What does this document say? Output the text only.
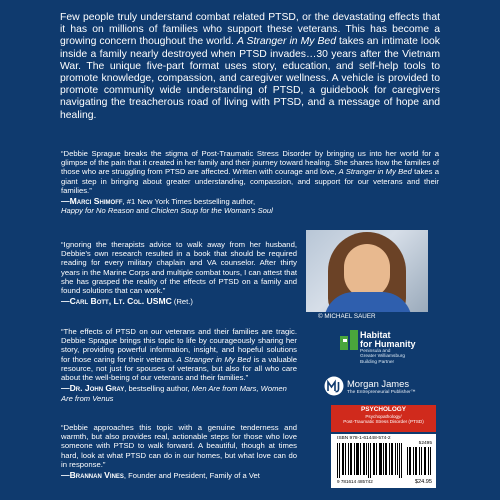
Few people truly understand combat related PTSD, or the devastating effects that it has on millions of families who support these veterans. This has become a growing concern thoughout the world. A Stranger in My Bed takes an intimate look inside a family nearly destroyed when PTSD invades…30 years after the Vietnam War. The unique five-part format uses story, education, and self-help tools to promote knowledge, compassion, and caregiver wellness. A vehicle is provided to promote community wide understanding of PTSD, a guidebook for caregivers navigating the treacherous road of living with PTSD, and a message of hope and healing.
“Debbie Sprague breaks the stigma of Post-Traumatic Stress Disorder by bringing us into her world for a glimpse of the pain that it created in her family and their journey toward healing. She shares how the families of those who are struggling from PTSD are affected. Written with courage and love, A Stranger in My Bed takes a giant step in bringing about greater understanding, compassion, and support for our veterans and their families.”
—Marci Shimoff, #1 New York Times bestselling author,
Happy for No Reason and Chicken Soup for the Woman’s Soul
“Ignoring the therapists advice to walk away from her husband, Debbie’s own research resulted in a book that should be required reading for every military chaplain and VA counselor. After thirty years in the Marine Corps and multiple combat tours, I can attest that she has grasped the reality of the effects of PTSD on a family and found solutions that can work.”
—Carl Bott, Lt. Col. USMC (Ret.)
“The effects of PTSD on our veterans and their families are tragic. Debbie Sprague brings this topic to life by courageously sharing her story, providing powerful information, insight, and hopeful solutions for those caring for their veteran. A Stranger in My Bed is a valuable resource, not just for spouses of veterans, but also for all who care about the well-being of our veterans and their families.”
—Dr. John Gray, bestselling author, Men Are from Mars, Women Are from Venus
“Debbie approaches this topic with a genuine tenderness and warmth, but also provides real, actionable steps for those who love someone with PTSD to walk forward. A beautiful, though at times hard, look at what PTSD can do in our homes, but what love can do in response.”
—Brannan Vines, Founder and President, Family of a Vet
© MICHAEL SAUER
Habitat
for Humanity
Peninsula and
Greater Williamsburg
Building Partner
Morgan James
The Entrepreneurial Publisher™
PSYCHOLOGY
Psychopathology/
Post-Traumatic Stress Disorder (PTSD)
ISBN 978-1-61448-574-2
52495
9 781614 485742	$24.95
